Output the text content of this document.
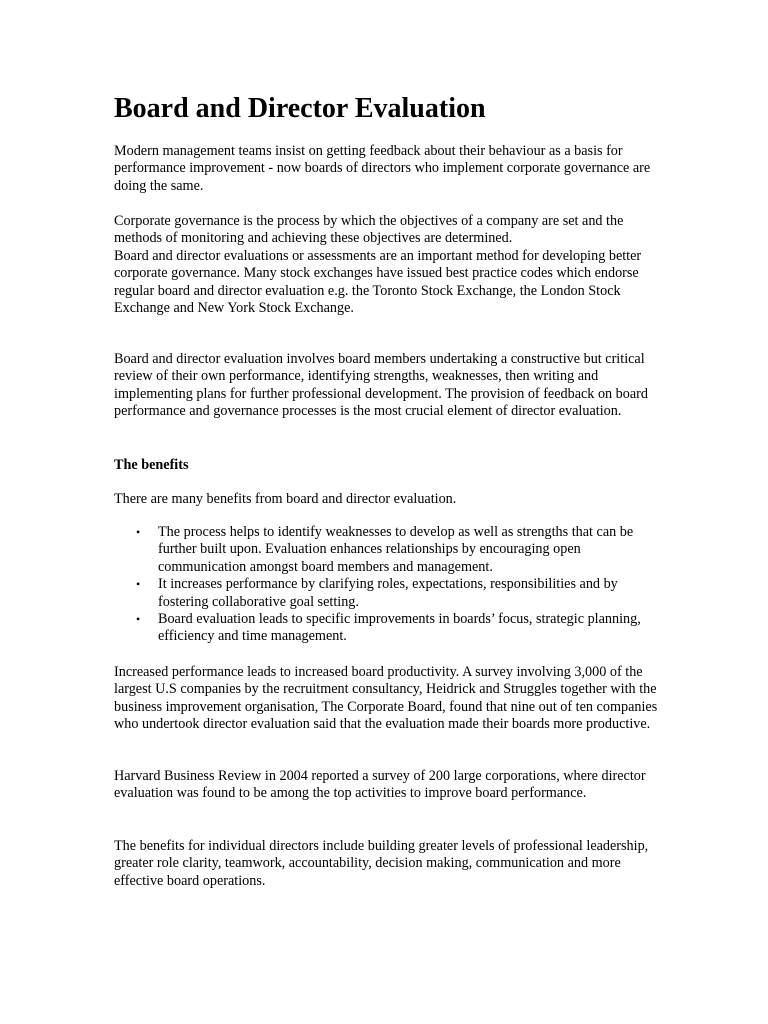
Board and Director Evaluation

Modern management teams insist on getting feedback about their behaviour as a basis for performance improvement - now boards of directors who implement corporate governance are doing the same.

Corporate governance is the process by which the objectives of a company are set and the methods of monitoring and achieving these objectives are determined.

Board and director evaluations or assessments are an important method for developing better corporate governance. Many stock exchanges have issued best practice codes which endorse regular board and director evaluation e.g. the Toronto Stock Exchange, the London Stock Exchange and New York Stock Exchange.

Board and director evaluation involves board members undertaking a constructive but critical review of their own performance, identifying strengths, weaknesses, then writing and implementing plans for further professional development. The provision of feedback on board performance and governance processes is the most crucial element of director evaluation.

The benefits

There are many benefits from board and director evaluation.

• The process helps to identify weaknesses to develop as well as strengths that can be further built upon. Evaluation enhances relationships by encouraging open communication amongst board members and management.
• It increases performance by clarifying roles, expectations, responsibilities and by fostering collaborative goal setting.
• Board evaluation leads to specific improvements in boards’ focus, strategic planning, efficiency and time management.

Increased performance leads to increased board productivity. A survey involving 3,000 of the largest U.S companies by the recruitment consultancy, Heidrick and Struggles together with the business improvement organisation, The Corporate Board, found that nine out of ten companies who undertook director evaluation said that the evaluation made their boards more productive.

Harvard Business Review in 2004 reported a survey of 200 large corporations, where director evaluation was found to be among the top activities to improve board performance.

The benefits for individual directors include building greater levels of professional leadership, greater role clarity, teamwork, accountability, decision making, communication and more effective board operations.
